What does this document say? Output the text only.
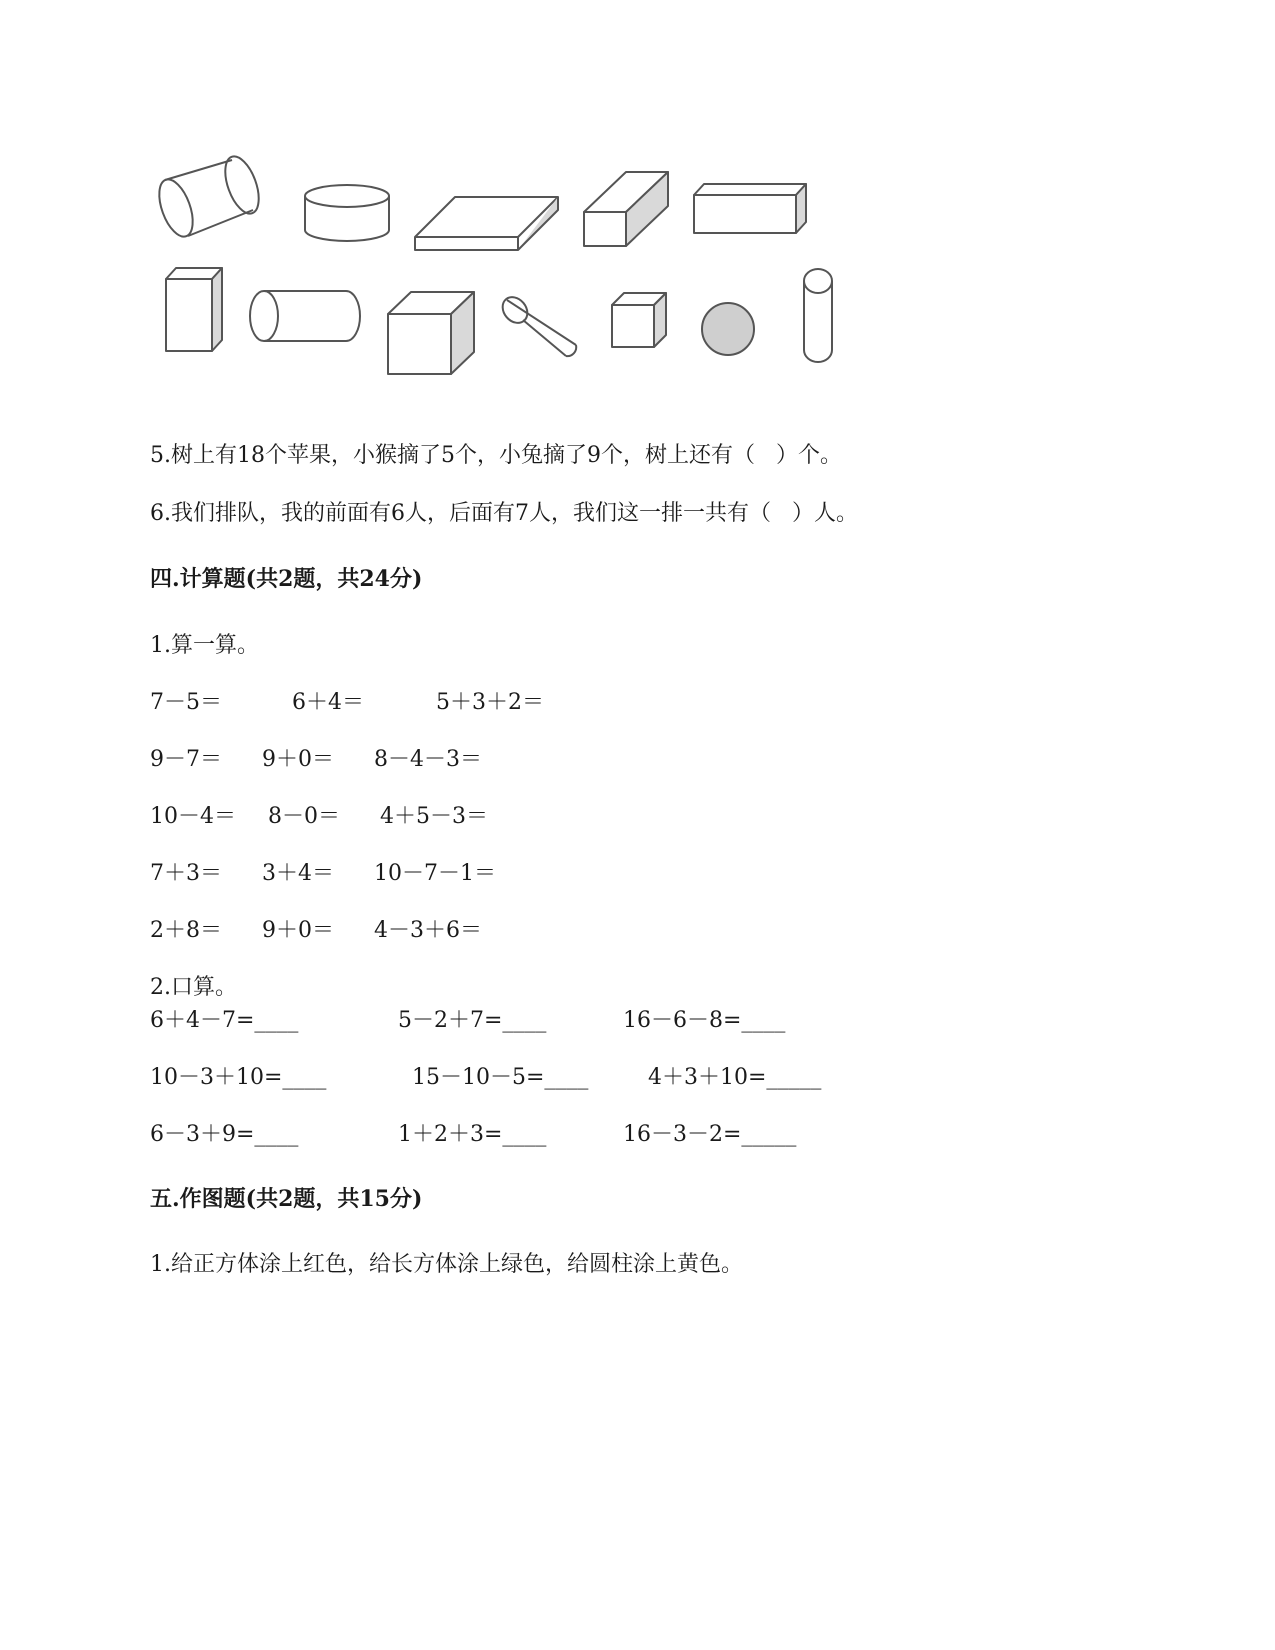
5.树上有18个苹果，小猴摘了5个，小兔摘了9个，树上还有（   ）个。
6.我们排队，我的前面有6人，后面有7人，我们这一排一共有（   ）人。
四.计算题(共2题，共24分)
1.算一算。
7－5＝	6＋4＝	5＋3＋2＝
9－7＝ 9＋0＝ 8－4－3＝
10－4＝ 8－0＝ 4＋5－3＝
7＋3＝ 3＋4＝ 10－7－1＝
2＋8＝ 9＋0＝ 4－3＋6＝
2.口算。
6＋4－7=____	5－2＋7=____	16－6－8=____
10－3＋10=____	15－10－5=____	4＋3＋10=_____
6－3＋9=____	1＋2＋3=____	16－3－2=_____
五.作图题(共2题，共15分)
1.给正方体涂上红色，给长方体涂上绿色，给圆柱涂上黄色。
